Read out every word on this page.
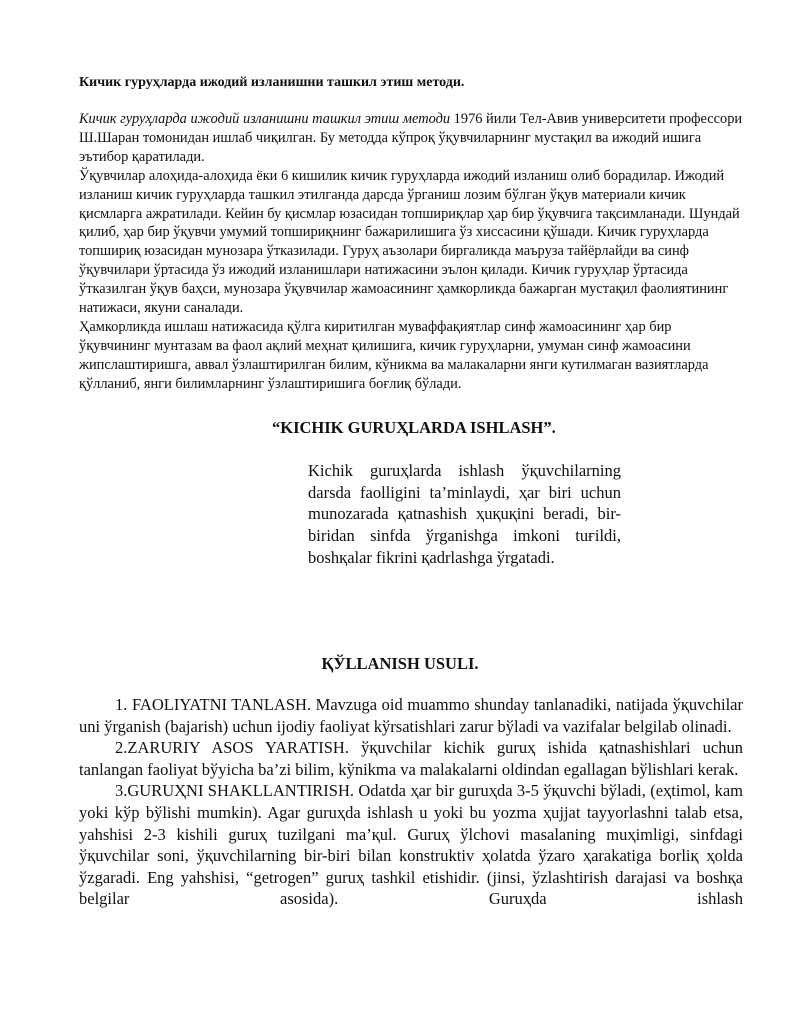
Кичик гуруҳларда ижодий изланишни ташкил этиш методи.

Кичик гуруҳларда ижодий изланишни ташкил этиш методи 1976 йили Тел-Авив университети профессори Ш.Шаран томонидан ишлаб чиқилган. Бу методда кўпроқ ўқувчиларнинг мустақил ва ижодий ишига эътибор қаратилади.

Ўқувчилар алоҳида-алоҳида ёки 6 кишилик кичик гуруҳларда ижодий изланиш олиб борадилар. Ижодий изланиш кичик гуруҳларда ташкил этилганда дарсда ўрганиш лозим бўлган ўқув материали кичик қисмларга ажратилади. Кейин бу қисмлар юзасидан топшириқлар ҳар бир ўқувчига тақсимланади. Шундай қилиб, ҳар бир ўқувчи умумий топшириқнинг бажарилишига ўз хиссасини қўшади. Кичик гуруҳларда топшириқ юзасидан мунозара ўтказилади. Гуруҳ аъзолари биргаликда маъруза тайёрлайди ва синф ўқувчилари ўртасида ўз ижодий изланишлари натижасини эълон қилади. Кичик гуруҳлар ўртасида ўтказилган ўқув баҳси, мунозара ўқувчилар жамоасининг ҳамкорликда бажарган мустақил фаолиятининг натижаси, якуни саналади.

Ҳамкорликда ишлаш натижасида қўлга киритилган муваффақиятлар синф жамоасининг ҳар бир ўқувчининг мунтазам ва фаол ақлий меҳнат қилишига, кичик гуруҳларни, умуман синф жамоасини жипслаштиришга, аввал ўзлаштирилган билим, кўникма ва малакаларни янги кутилмаган вазиятларда қўлланиб, янги билимларнинг ўзлаштиришига боғлиқ бўлади.

“KICHIK GURUҲLARDA ISHLASH”.

Kichik guruҳlarda ishlash ўқuvchilarning darsda faolligini ta’minlaydi, ҳar biri uchun munozarada қatnashish ҳuқuқini beradi, bir-biridan sinfda ўrganishga imkoni tuғildi, boshқalar fikrini қadrlashga ўrgatadi.

ҚЎLLANISH USULI.

1. FAOLIYATNI TANLASH. Mavzuga oid muammo shunday tanlanadiki, natijada ўқuvchilar uni ўrganish (bajarish) uchun ijodiy faoliyat kўrsatishlari zarur bўladi va vazifalar belgilab olinadi.

2.ZARURIY ASOS YARATISH. ўқuvchilar kichik guruҳ ishida қatnashishlari uchun tanlangan faoliyat bўyicha ba’zi bilim, kўnikma va malakalarni oldindan egallagan bўlishlari kerak.

3.GURUҲNI SHAKLLANTIRISH. Odatda ҳar bir guruҳda 3-5 ўқuvchi bўladi, (eҳtimol, kam yoki kўp bўlishi mumkin). Agar guruҳda ishlash u yoki bu yozma ҳujjat tayyorlashni talab etsa, yahshisi 2-3 kishili guruҳ tuzilgani ma’қul. Guruҳ ўlchovi masalaning muҳimligi, sinfdagi ўқuvchilar soni, ўқuvchilarning bir-biri bilan konstruktiv ҳolatda ўzaro ҳarakatiga borliқ ҳolda ўzgaradi. Eng yahshisi, “getrogen” guruҳ tashkil etishidir. (jinsi, ўzlashtirish darajasi va boshқa belgilar asosida). Guruҳda ishlash
